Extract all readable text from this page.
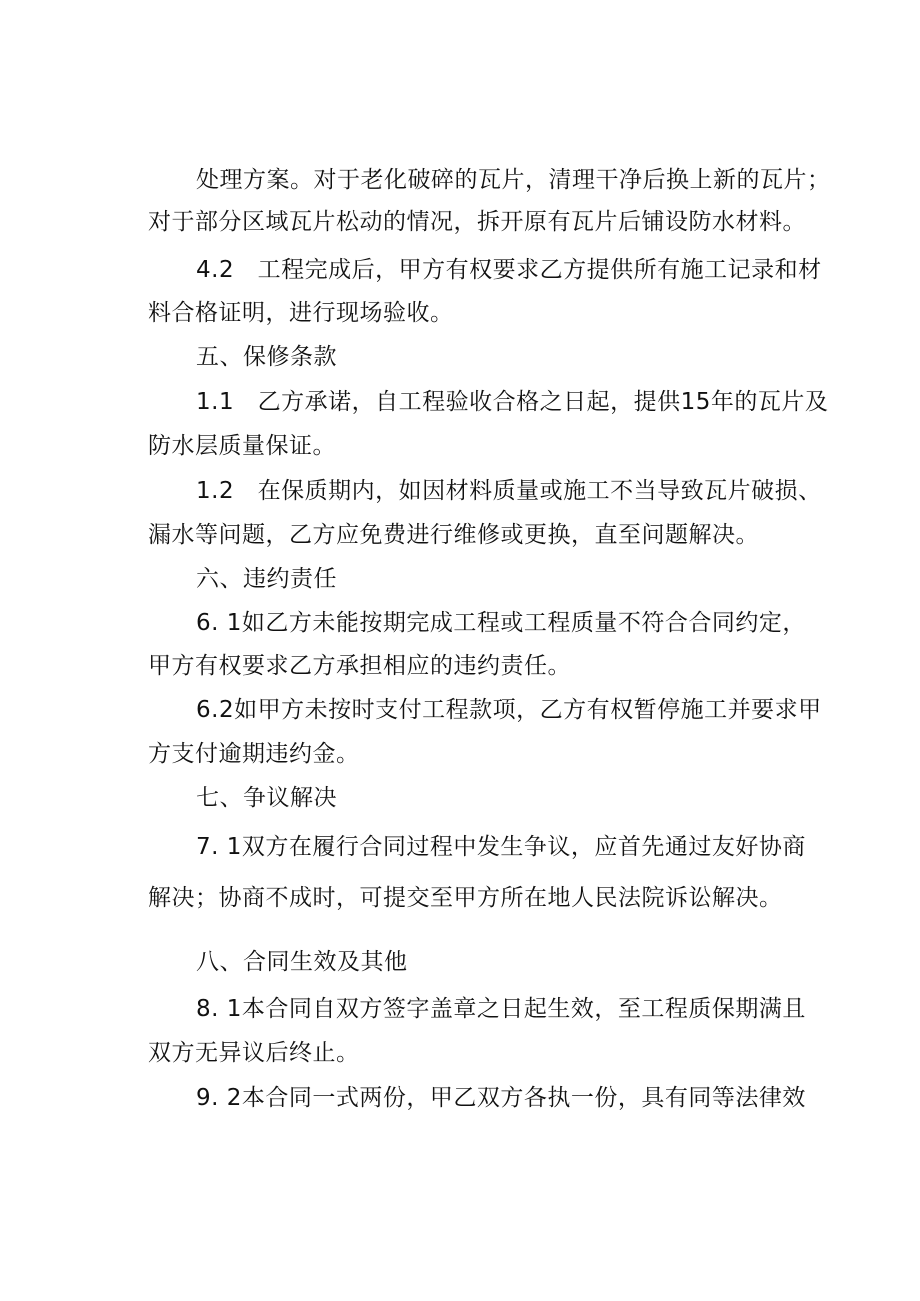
处理方案。对于老化破碎的瓦片，清理干净后换上新的瓦片；
对于部分区域瓦片松动的情况，拆开原有瓦片后铺设防水材料。
4.2　工程完成后，甲方有权要求乙方提供所有施工记录和材
料合格证明，进行现场验收。
五、保修条款
1.1　乙方承诺，自工程验收合格之日起，提供15年的瓦片及
防水层质量保证。
1.2　在保质期内，如因材料质量或施工不当导致瓦片破损、
漏水等问题，乙方应免费进行维修或更换，直至问题解决。
六、违约责任
6. 1如乙方未能按期完成工程或工程质量不符合合同约定，
甲方有权要求乙方承担相应的违约责任。
6.2如甲方未按时支付工程款项，乙方有权暂停施工并要求甲
方支付逾期违约金。
七、争议解决
7. 1双方在履行合同过程中发生争议，应首先通过友好协商
解决；协商不成时，可提交至甲方所在地人民法院诉讼解决。
八、合同生效及其他
8. 1本合同自双方签字盖章之日起生效，至工程质保期满且
双方无异议后终止。
9. 2本合同一式两份，甲乙双方各执一份，具有同等法律效
